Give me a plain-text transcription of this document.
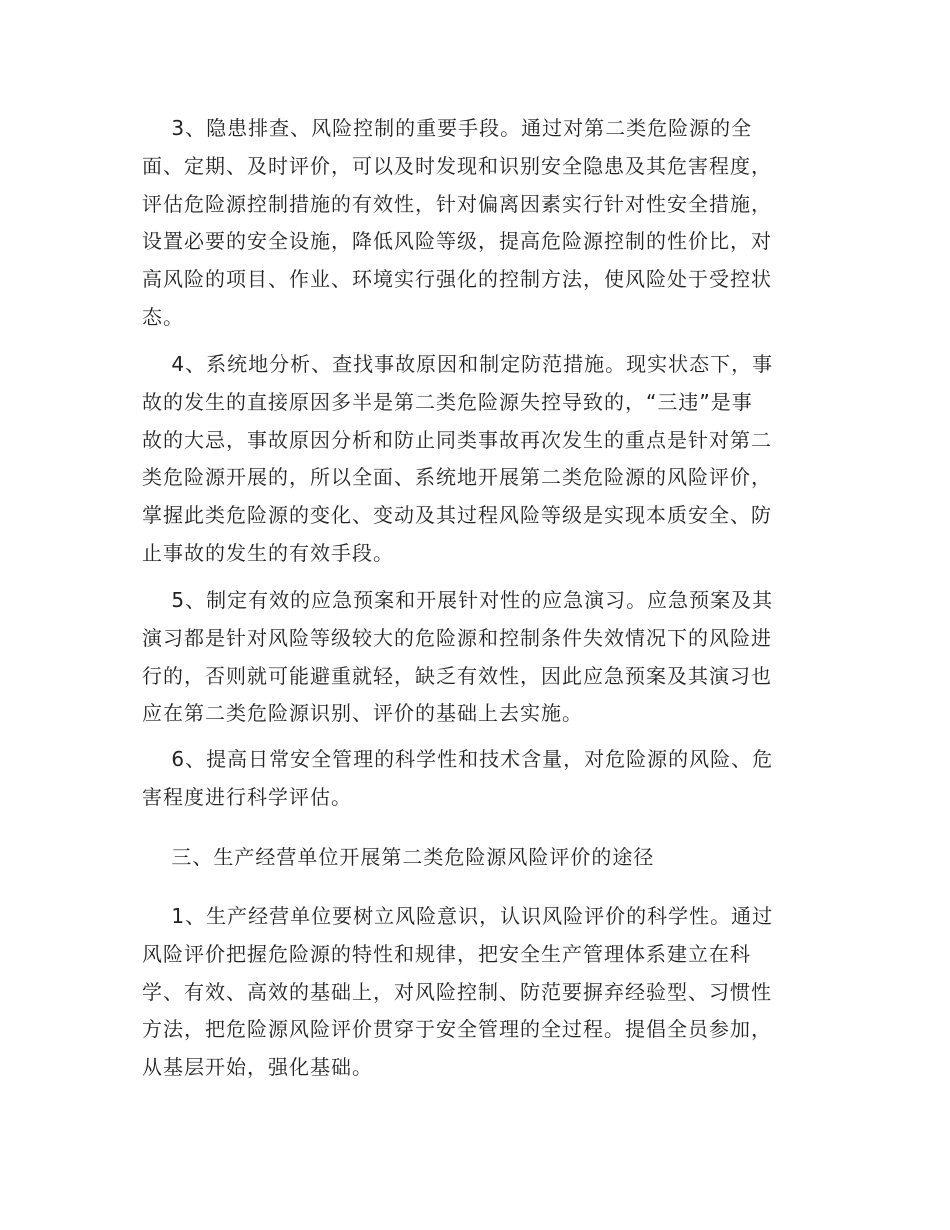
3、隐患排查、风险控制的重要手段。通过对第二类危险源的全
面、定期、及时评价，可以及时发现和识别安全隐患及其危害程度，
评估危险源控制措施的有效性，针对偏离因素实行针对性安全措施，
设置必要的安全设施，降低风险等级，提高危险源控制的性价比，对
高风险的项目、作业、环境实行强化的控制方法，使风险处于受控状
态。
4、系统地分析、查找事故原因和制定防范措施。现实状态下，事
故的发生的直接原因多半是第二类危险源失控导致的，“三违”是事
故的大忌，事故原因分析和防止同类事故再次发生的重点是针对第二
类危险源开展的，所以全面、系统地开展第二类危险源的风险评价，
掌握此类危险源的变化、变动及其过程风险等级是实现本质安全、防
止事故的发生的有效手段。
5、制定有效的应急预案和开展针对性的应急演习。应急预案及其
演习都是针对风险等级较大的危险源和控制条件失效情况下的风险进
行的，否则就可能避重就轻，缺乏有效性，因此应急预案及其演习也
应在第二类危险源识别、评价的基础上去实施。
6、提高日常安全管理的科学性和技术含量，对危险源的风险、危
害程度进行科学评估。
三、生产经营单位开展第二类危险源风险评价的途径
1、生产经营单位要树立风险意识，认识风险评价的科学性。通过
风险评价把握危险源的特性和规律，把安全生产管理体系建立在科
学、有效、高效的基础上，对风险控制、防范要摒弃经验型、习惯性
方法，把危险源风险评价贯穿于安全管理的全过程。提倡全员参加，
从基层开始，强化基础。
